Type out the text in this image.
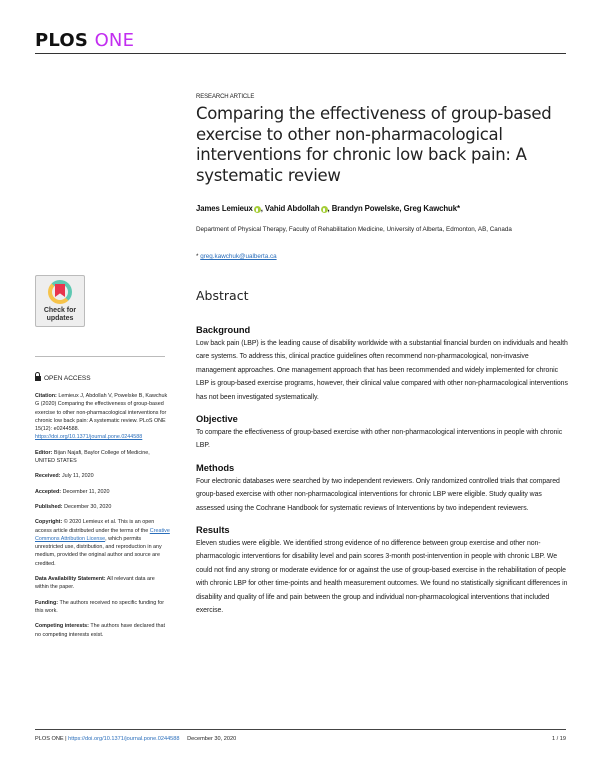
PLOS ONE
RESEARCH ARTICLE
Comparing the effectiveness of group-based exercise to other non-pharmacological interventions for chronic low back pain: A systematic review
James Lemieux , Vahid Abdollah , Brandyn Powelske, Greg Kawchuk*
Department of Physical Therapy, Faculty of Rehabilitation Medicine, University of Alberta, Edmonton, AB, Canada
* greg.kawchuk@ualberta.ca
Check for
updates
OPEN ACCESS

Citation: Lemieux J, Abdollah V, Powelske B, Kawchuk G (2020) Comparing the effectiveness of group-based exercise to other non-pharmacological interventions for chronic low back pain: A systematic review. PLoS ONE 15(12): e0244588. https://doi.org/10.1371/journal.pone.0244588

Editor: Bijan Najafi, Baylor College of Medicine, UNITED STATES

Received: July 11, 2020

Accepted: December 11, 2020

Published: December 30, 2020

Copyright: © 2020 Lemieux et al. This is an open access article distributed under the terms of the Creative Commons Attribution License, which permits unrestricted use, distribution, and reproduction in any medium, provided the original author and source are credited.

Data Availability Statement: All relevant data are within the paper.

Funding: The authors received no specific funding for this work.

Competing interests: The authors have declared that no competing interests exist.

Abstract
Background

Low back pain (LBP) is the leading cause of disability worldwide with a substantial financial burden on individuals and health care systems. To address this, clinical practice guidelines often recommend non-pharmacological, non-invasive management approaches. One management approach that has been recommended and widely implemented for chronic LBP is group-based exercise programs, however, their clinical value compared with other non-pharmacological interventions has not been investigated systematically.

Objective

To compare the effectiveness of group-based exercise with other non-pharmacological interventions in people with chronic LBP.

Methods

Four electronic databases were searched by two independent reviewers. Only randomized controlled trials that compared group-based exercise with other non-pharmacological interventions for chronic LBP were eligible. Study quality was assessed using the Cochrane Handbook for systematic reviews of Interventions by two independent reviewers.

Results

Eleven studies were eligible. We identified strong evidence of no difference between group exercise and other non-pharmacologic interventions for disability level and pain scores 3-month post-intervention in people with chronic LBP. We could not find any strong or moderate evidence for or against the use of group-based exercise in the rehabilitation of people with chronic LBP for other time-points and health measurement outcomes. We found no statistically significant differences in disability and quality of life and pain between the group and individual non-pharmacological interventions that included exercise.

PLOS ONE | https://doi.org/10.1371/journal.pone.0244588 December 30, 2020	1 / 19
